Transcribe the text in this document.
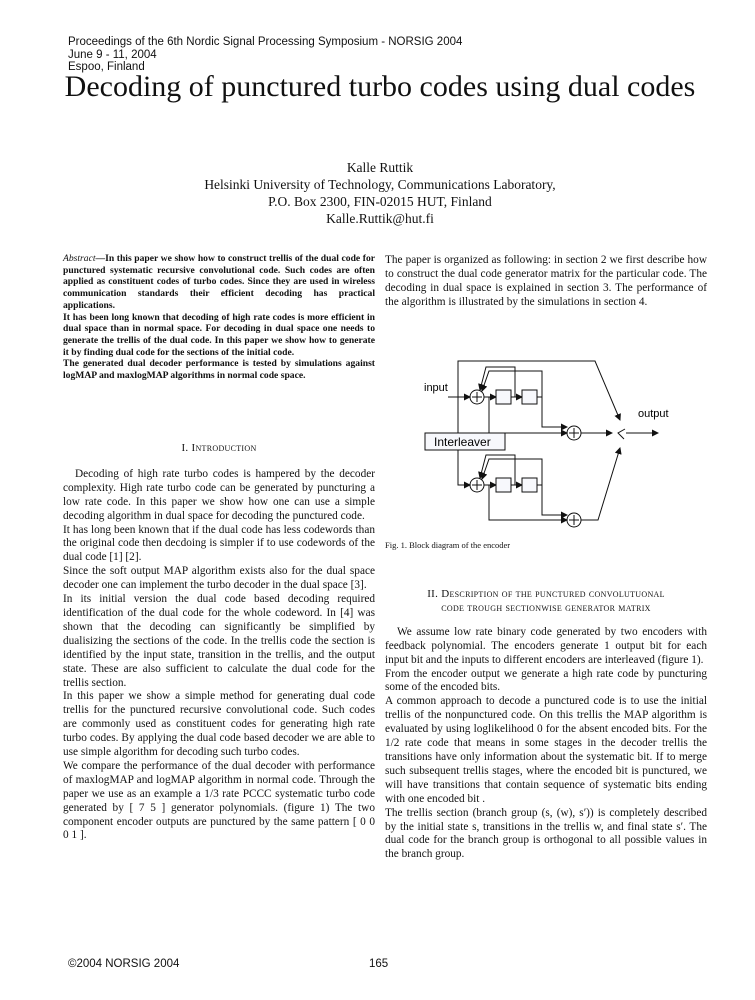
Proceedings of the 6th Nordic Signal Processing Symposium - NORSIG 2004
June 9 - 11, 2004
Espoo, Finland
Decoding of punctured turbo codes using dual codes
Kalle Ruttik
Helsinki University of Technology, Communications Laboratory,
P.O. Box 2300, FIN-02015 HUT, Finland
Kalle.Ruttik@hut.fi

Abstract—In this paper we show how to construct trellis of the dual code for punctured systematic recursive convolutional code. Such codes are often applied as constituent codes of turbo codes. Since they are used in wireless communication standards their efficient decoding has practical applications.

It has been long known that decoding of high rate codes is more efficient in dual space than in normal space. For decoding in dual space one needs to generate the trellis of the dual code. In this paper we show how to generate it by finding dual code for the sections of the initial code.

The generated dual decoder performance is tested by simulations against logMAP and maxlogMAP algorithms in normal code space.

I. Introduction

Decoding of high rate turbo codes is hampered by the decoder complexity. High rate turbo code can be generated by puncturing a low rate code. In this paper we show how one can use a simple decoding algorithm in dual space for decoding the punctured code.

It has long been known that if the dual code has less codewords than the original code then decdoing is simpler if to use codewords of the dual code [1] [2].

Since the soft output MAP algorithm exists also for the dual space decoder one can implement the turbo decoder in the dual space [3].

In its initial version the dual code based decoding required identification of the dual code for the whole codeword. In [4] was shown that the decoding can significantly be simplified by dualisizing the sections of the code. In the trellis code the section is identified by the input state, transition in the trellis, and the output state. These are also sufficient to calculate the dual code for the trellis section.

In this paper we show a simple method for generating dual code trellis for the punctured recursive convolutional code. Such codes are commonly used as constituent codes for generating high rate turbo codes. By applying the dual code based decoder we are able to use simple algorithm for decoding such turbo codes.

We compare the performance of the dual decoder with performance of maxlogMAP and logMAP algorithm in normal code. Through the paper we use as an example a 1/3 rate PCCC systematic turbo code generated by [ 7 5 ] generator polynomials. (figure 1) The two component encoder outputs are punctured by the same pattern [ 0 0 0 1 ].

The paper is organized as following: in section 2 we first describe how to construct the dual code generator matrix for the particular code. The decoding in dual space is explained in section 3. The performance of the algorithm is illustrated by the simulations in section 4.
input
output
Interleaver
Fig. 1. Block diagram of the encoder

II. Description of the punctured convolutuonal

code trough sectionwise generator matrix

We assume low rate binary code generated by two encoders with feedback polynomial. The encoders generate 1 output bit for each input bit and the inputs to different encoders are interleaved (figure 1).

From the encoder output we generate a high rate code by puncturing some of the encoded bits.

A common approach to decode a punctured code is to use the initial trellis of the nonpunctured code. On this trellis the MAP algorithm is evaluated by using loglikelihood 0 for the absent encoded bits. For the 1/2 rate code that means in some stages in the decoder trellis the transitions have only information about the systematic bit. If to merge such subsequent trellis stages, where the encoded bit is punctured, we will have transitions that contain sequence of systematic bits ending with one encoded bit .

The trellis section (branch group (s, (w), s′)) is completely described by the initial state s, transitions in the trellis w, and final state s′. The dual code for the branch group is orthogonal to all possible values in the branch group.

©2004 NORSIG 2004	165
